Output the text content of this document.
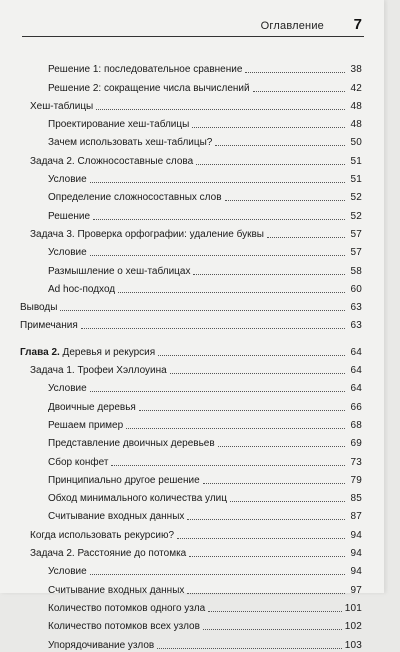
Оглавление 7
Решение 1: последовательное сравнение	38
Решение 2: сокращение числа вычислений	42
Хеш-таблицы	48
Проектирование хеш-таблицы	48
Зачем использовать хеш-таблицы?	50
Задача 2. Сложносоставные слова	51
Условие	51
Определение сложносоставных слов	52
Решение	52
Задача 3. Проверка орфографии: удаление буквы	57
Условие	57
Размышление о хеш-таблицах	58
Ad hoc-подход	60
Выводы	63
Примечания	63
Глава 2. Деревья и рекурсия	64
Задача 1. Трофеи Хэллоуина	64
Условие	64
Двоичные деревья	66
Решаем пример	68
Представление двоичных деревьев	69
Сбор конфет	73
Принципиально другое решение	79
Обход минимального количества улиц	85
Считывание входных данных	87
Когда использовать рекурсию?	94
Задача 2. Расстояние до потомка	94
Условие	94
Считывание входных данных	97
Количество потомков одного узла	101
Количество потомков всех узлов	102
Упорядочивание узлов	103
